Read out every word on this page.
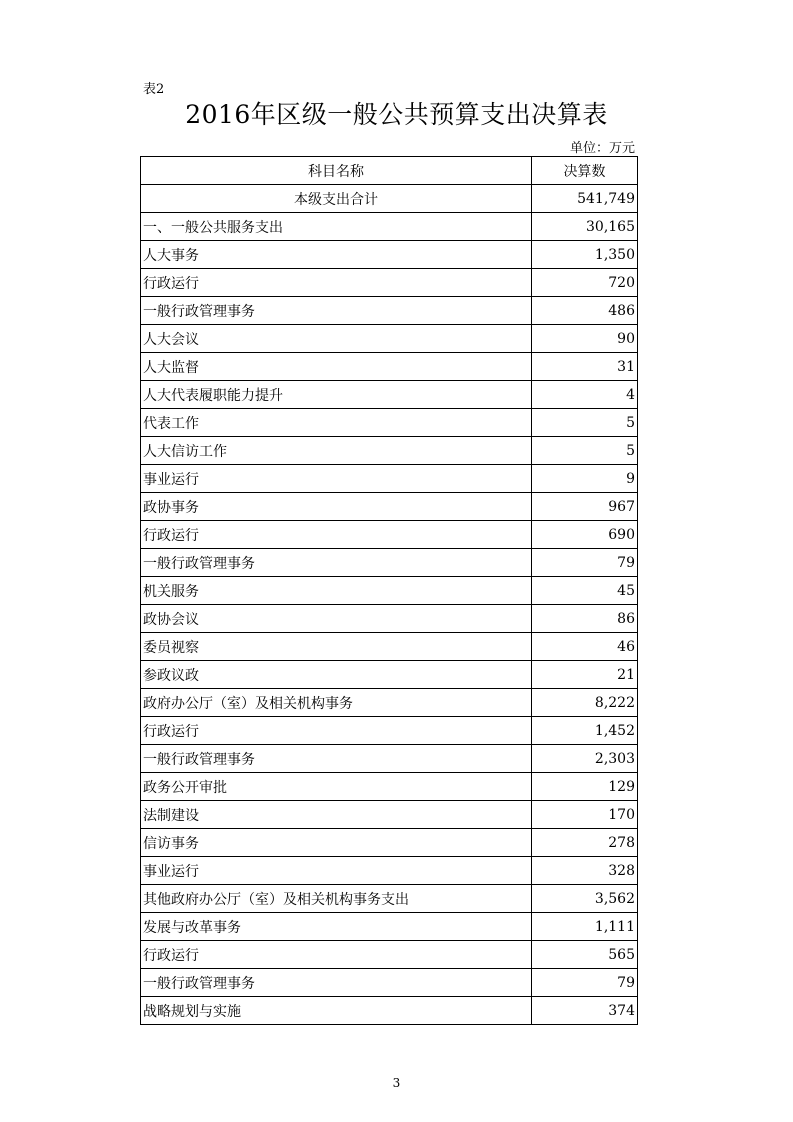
表2
2016年区级一般公共预算支出决算表
单位：万元
科目名称	决算数
本级支出合计	541,749
一、一般公共服务支出	30,165
人大事务	1,350
行政运行	720
一般行政管理事务	486
人大会议	90
人大监督	31
人大代表履职能力提升	4
代表工作	5
人大信访工作	5
事业运行	9
政协事务	967
行政运行	690
一般行政管理事务	79
机关服务	45
政协会议	86
委员视察	46
参政议政	21
政府办公厅（室）及相关机构事务	8,222
行政运行	1,452
一般行政管理事务	2,303
政务公开审批	129
法制建设	170
信访事务	278
事业运行	328
其他政府办公厅（室）及相关机构事务支出	3,562
发展与改革事务	1,111
行政运行	565
一般行政管理事务	79
战略规划与实施	374
3
